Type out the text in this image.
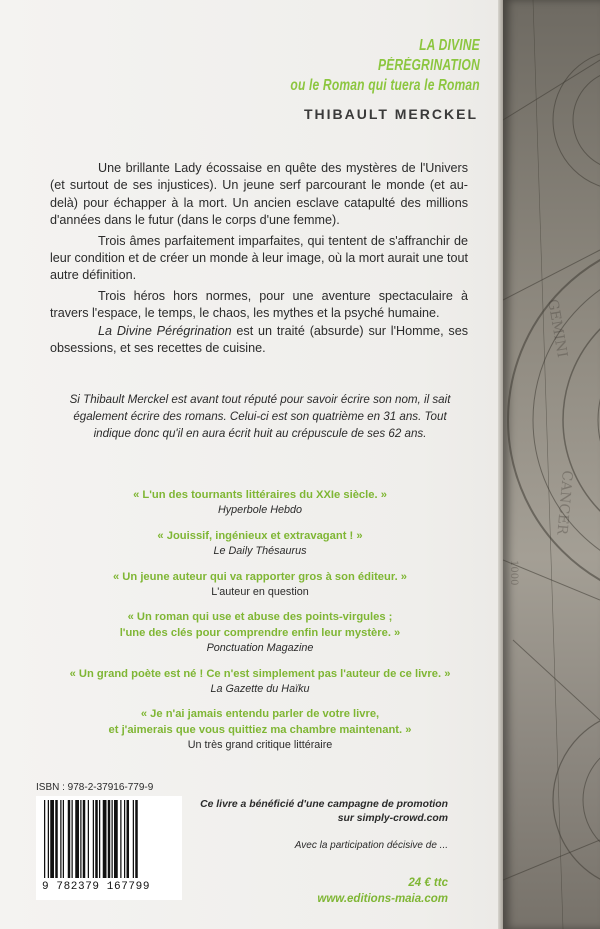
GEMINI
CANCER
1000
LA DIVINE
PÉRÉGRINATION
ou le Roman qui tuera le Roman
THIBAULT MERCKEL

Une brillante Lady écossaise en quête des mystères de l'Univers (et surtout de ses injustices). Un jeune serf parcourant le monde (et au-delà) pour échapper à la mort. Un ancien esclave catapulté des millions d'années dans le futur (dans le corps d'une femme).

Trois âmes parfaitement imparfaites, qui tentent de s'affranchir de leur condition et de créer un monde à leur image, où la mort aurait une tout autre définition.

Trois héros hors normes, pour une aventure spectaculaire à travers l'espace, le temps, le chaos, les mythes et la psyché humaine.

La Divine Pérégrination est un traité (absurde) sur l'Homme, ses obsessions, et ses recettes de cuisine.

Si Thibault Merckel est avant tout réputé pour savoir écrire son nom, il sait également écrire des romans. Celui-ci est son quatrième en 31 ans. Tout indique donc qu'il en aura écrit huit au crépuscule de ses 62 ans.
« L'un des tournants littéraires du XXIe siècle. »
Hyperbole Hebdo
« Jouissif, ingénieux et extravagant ! »
Le Daily Thésaurus
« Un jeune auteur qui va rapporter gros à son éditeur. »
L'auteur en question
« Un roman qui use et abuse des points-virgules ;
l'une des clés pour comprendre enfin leur mystère. »
Ponctuation Magazine
« Un grand poète est né ! Ce n'est simplement pas l'auteur de ce livre. »
La Gazette du Haïku
« Je n'ai jamais entendu parler de votre livre,
et j'aimerais que vous quittiez ma chambre maintenant. »
Un très grand critique littéraire
ISBN : 978-2-37916-779-9
9 782379 167799
Ce livre a bénéficié d'une campagne de promotion
sur simply-crowd.com
Avec la participation décisive de ...
24 € ttc
www.editions-maia.com
